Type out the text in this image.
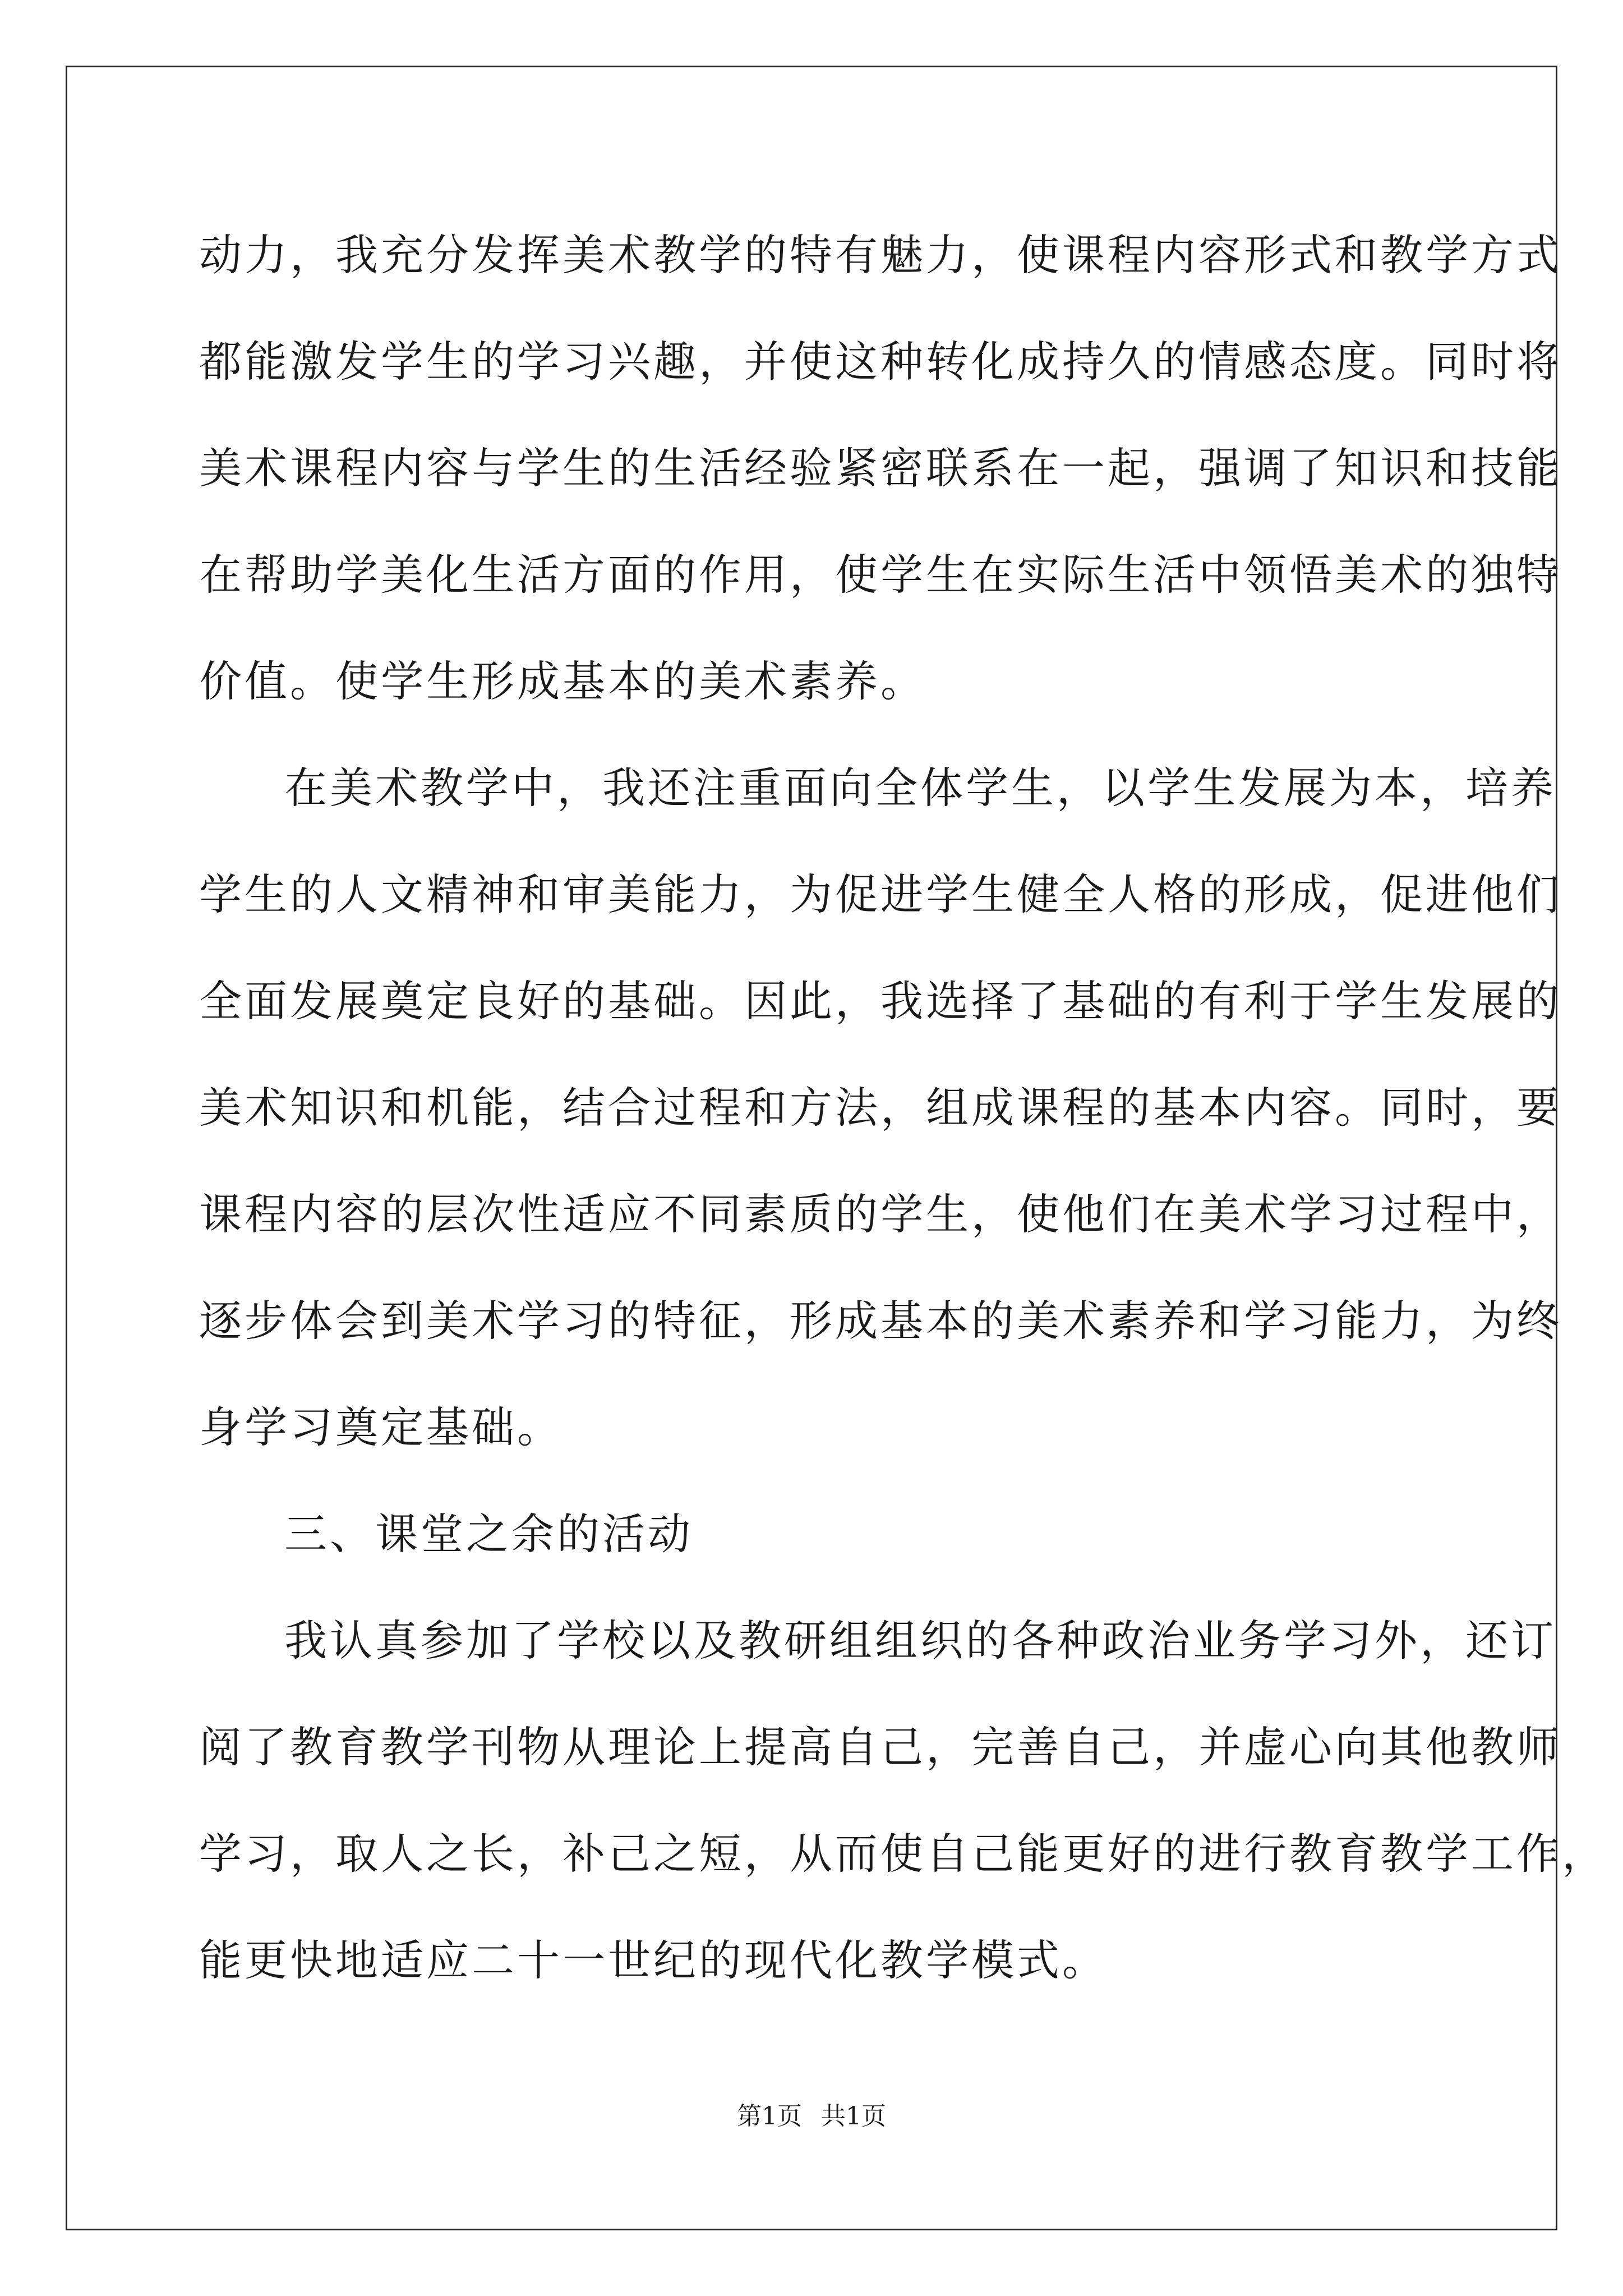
动力，我充分发挥美术教学的特有魅力，使课程内容形式和教学方式
都能激发学生的学习兴趣，并使这种转化成持久的情感态度。同时将
美术课程内容与学生的生活经验紧密联系在一起，强调了知识和技能
在帮助学美化生活方面的作用，使学生在实际生活中领悟美术的独特
价值。使学生形成基本的美术素养。
在美术教学中，我还注重面向全体学生，以学生发展为本，培养
学生的人文精神和审美能力，为促进学生健全人格的形成，促进他们
全面发展奠定良好的基础。因此，我选择了基础的有利于学生发展的
美术知识和机能，结合过程和方法，组成课程的基本内容。同时，要
课程内容的层次性适应不同素质的学生，使他们在美术学习过程中，
逐步体会到美术学习的特征，形成基本的美术素养和学习能力，为终
身学习奠定基础。
三、课堂之余的活动
我认真参加了学校以及教研组组织的各种政治业务学习外，还订
阅了教育教学刊物从理论上提高自己，完善自己，并虚心向其他教师
学习，取人之长，补己之短，从而使自己能更好的进行教育教学工作，
能更快地适应二十一世纪的现代化教学模式。
第1页 共1页
